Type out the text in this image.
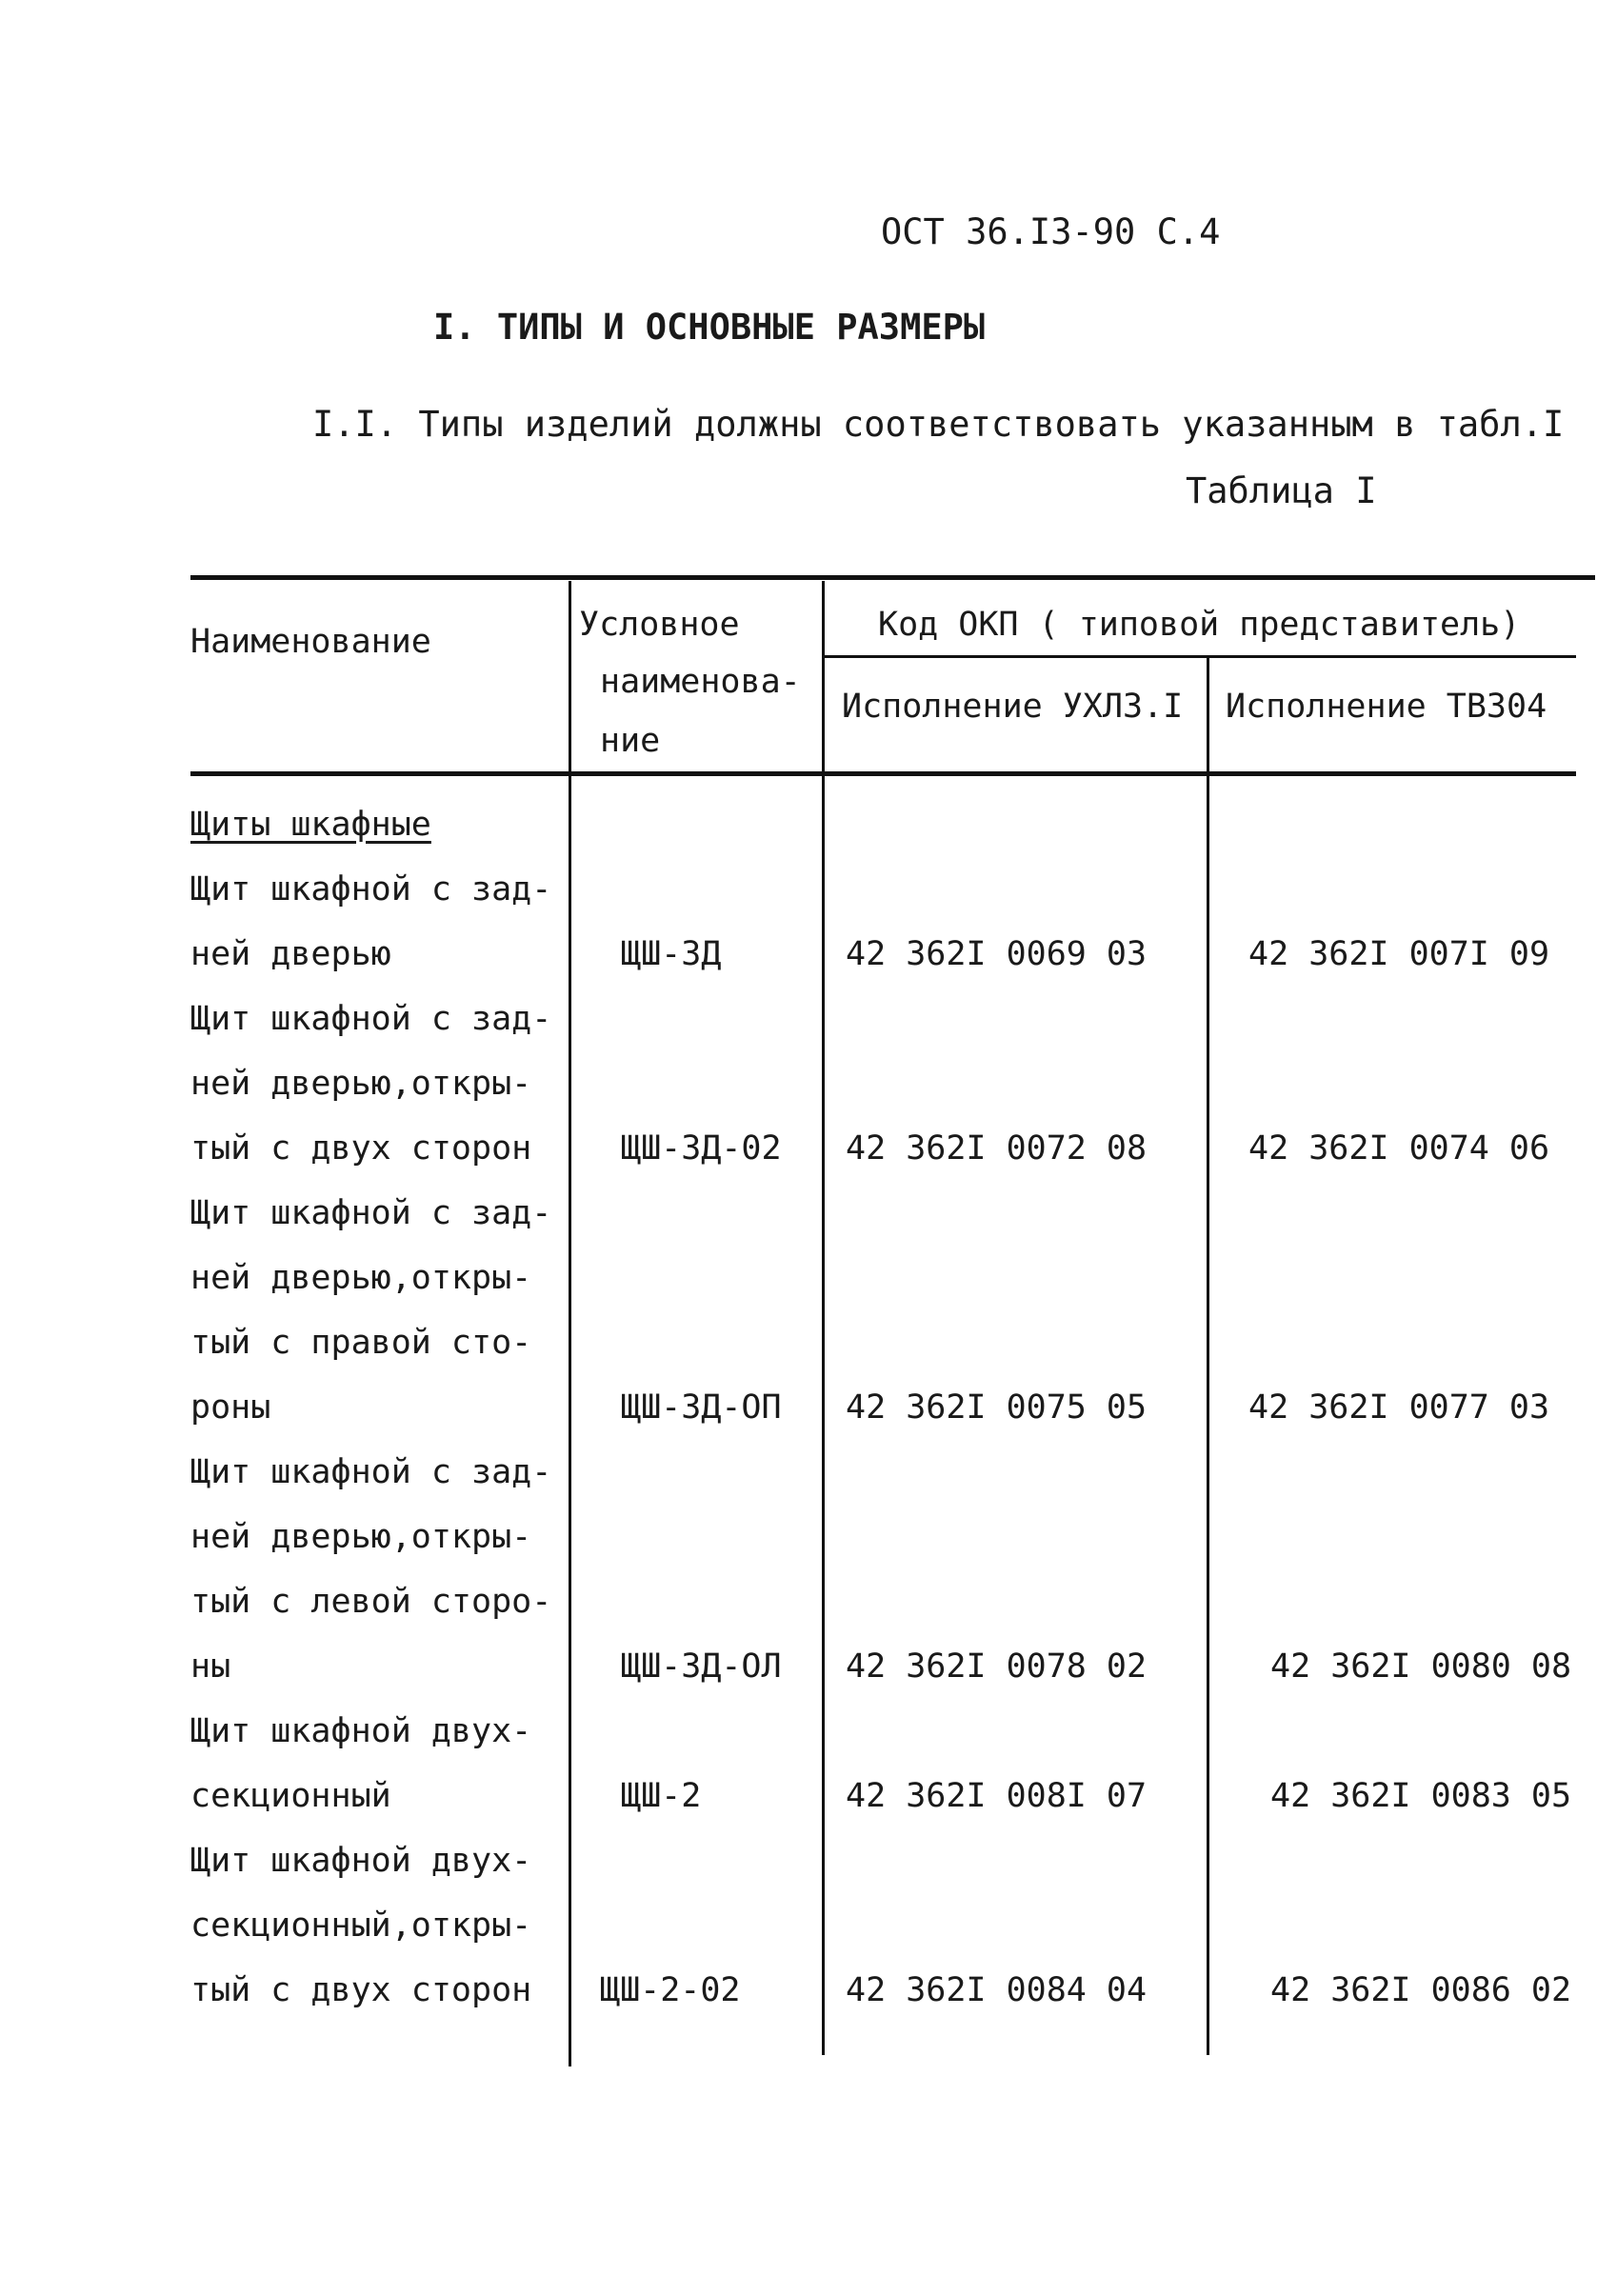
ОСТ 36.I3-90 С.4
I. ТИПЫ И ОСНОВНЫЕ РАЗМЕРЫ
I.I. Типы изделий должны соответствовать указанным в табл.I
Таблица I
Наименование	Условное
наименова-
ние
Код ОКП ( типовой представитель)
Исполнение УХЛЗ.I Исполнение ТВ304
Щиты шкафные
Щит шкафной с зад-
ней дверью	ЩШ-ЗД	42 362I 0069 03	42 362I 007I 09
Щит шкафной с зад-
ней дверью,откры-
тый с двух сторон	ЩШ-ЗД-02 42 362I 0072 08	42 362I 0074 06
Щит шкафной с зад-
ней дверью,откры-
тый с правой сто-
роны	ЩШ-ЗД-ОП 42 362I 0075 05	42 362I 0077 03
Щит шкафной с зад-
ней дверью,откры-
тый с левой сторо-
ны	ЩШ-ЗД-ОЛ 42 362I 0078 02	42 362I 0080 08
Щит шкафной двух-
секционный	ЩШ-2	42 362I 008I 07	42 362I 0083 05
Щит шкафной двух-
секционный,откры-
тый с двух сторон ЩШ-2-02	42 362I 0084 04	42 362I 0086 02
